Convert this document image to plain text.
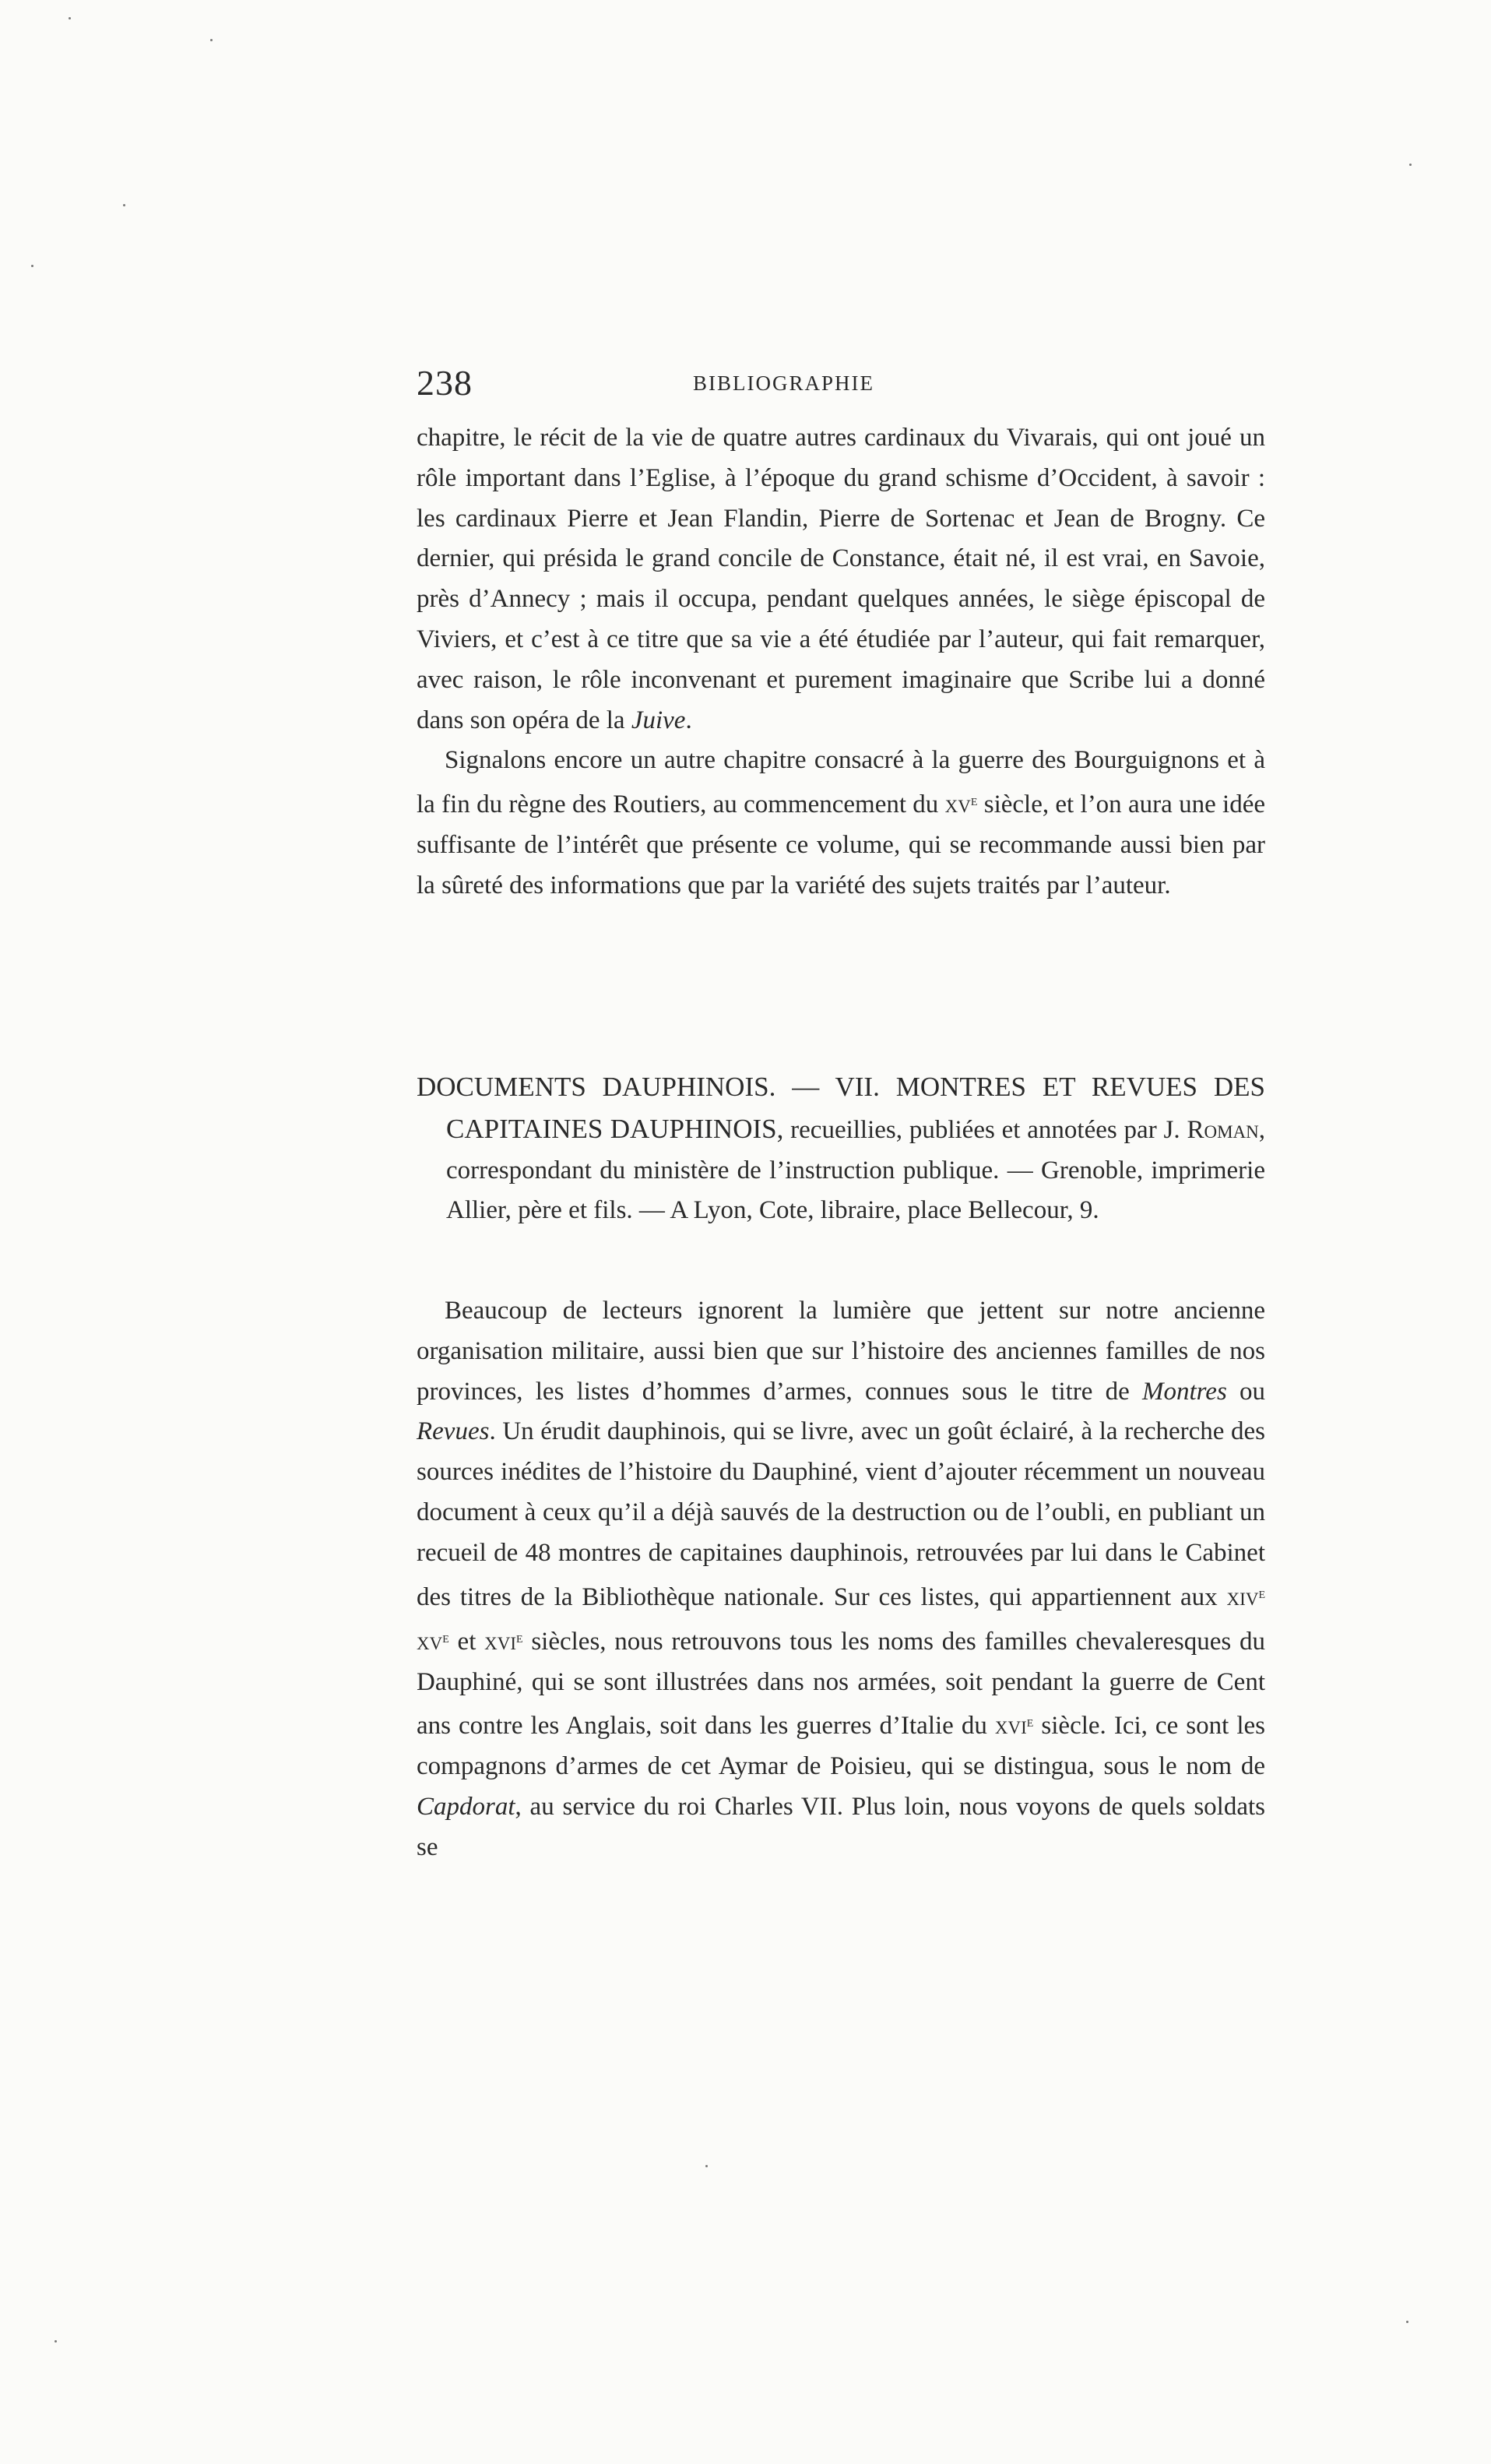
238	BIBLIOGRAPHIE

chapitre, le récit de la vie de quatre autres cardinaux du Vivarais, qui ont joué un rôle important dans l’Eglise, à l’époque du grand schisme d’Occident, à savoir : les cardinaux Pierre et Jean Flandin, Pierre de Sortenac et Jean de Brogny. Ce dernier, qui présida le grand concile de Constance, était né, il est vrai, en Savoie, près d’Annecy ; mais il occupa, pendant quelques années, le siège épiscopal de Viviers, et c’est à ce titre que sa vie a été étudiée par l’auteur, qui fait remarquer, avec raison, le rôle inconvenant et purement imaginaire que Scribe lui a donné dans son opéra de la Juive.

Signalons encore un autre chapitre consacré à la guerre des Bourguignons et à la fin du règne des Routiers, au commencement du $xv^e$ siècle, et l’on aura une idée suffisante de l’intérêt que présente ce volume, qui se recommande aussi bien par la sûreté des informations que par la variété des sujets traités par l’auteur.

DOCUMENTS DAUPHINOIS. — VII. MONTRES ET REVUES DES CAPITAINES DAUPHINOIS, recueillies, publiées et annotées par J. Roman, correspondant du ministère de l’instruction publique. — Grenoble, imprimerie Allier, père et fils. — A Lyon, Cote, libraire, place Bellecour, 9.

Beaucoup de lecteurs ignorent la lumière que jettent sur notre ancienne organisation militaire, aussi bien que sur l’histoire des anciennes familles de nos provinces, les listes d’hommes d’armes, connues sous le titre de Montres ou Revues. Un érudit dauphinois, qui se livre, avec un goût éclairé, à la recherche des sources inédites de l’histoire du Dauphiné, vient d’ajouter récemment un nouveau document à ceux qu’il a déjà sauvés de la destruction ou de l’oubli, en publiant un recueil de 48 montres de capitaines dauphinois, retrouvées par lui dans le Cabinet des titres de la Bibliothèque nationale. Sur ces listes, qui appartiennent aux xiv$^e$ $xv^e$ et xvi$^e$ siècles, nous retrouvons tous les noms des familles chevaleresques du Dauphiné, qui se sont illustrées dans nos armées, soit pendant la guerre de Cent ans contre les Anglais, soit dans les guerres d’Italie du xvi$^e$ siècle. Ici, ce sont les compagnons d’armes de cet Aymar de Poisieu, qui se distingua, sous le nom de Capdorat, au service du roi Charles VII. Plus loin, nous voyons de quels soldats se
